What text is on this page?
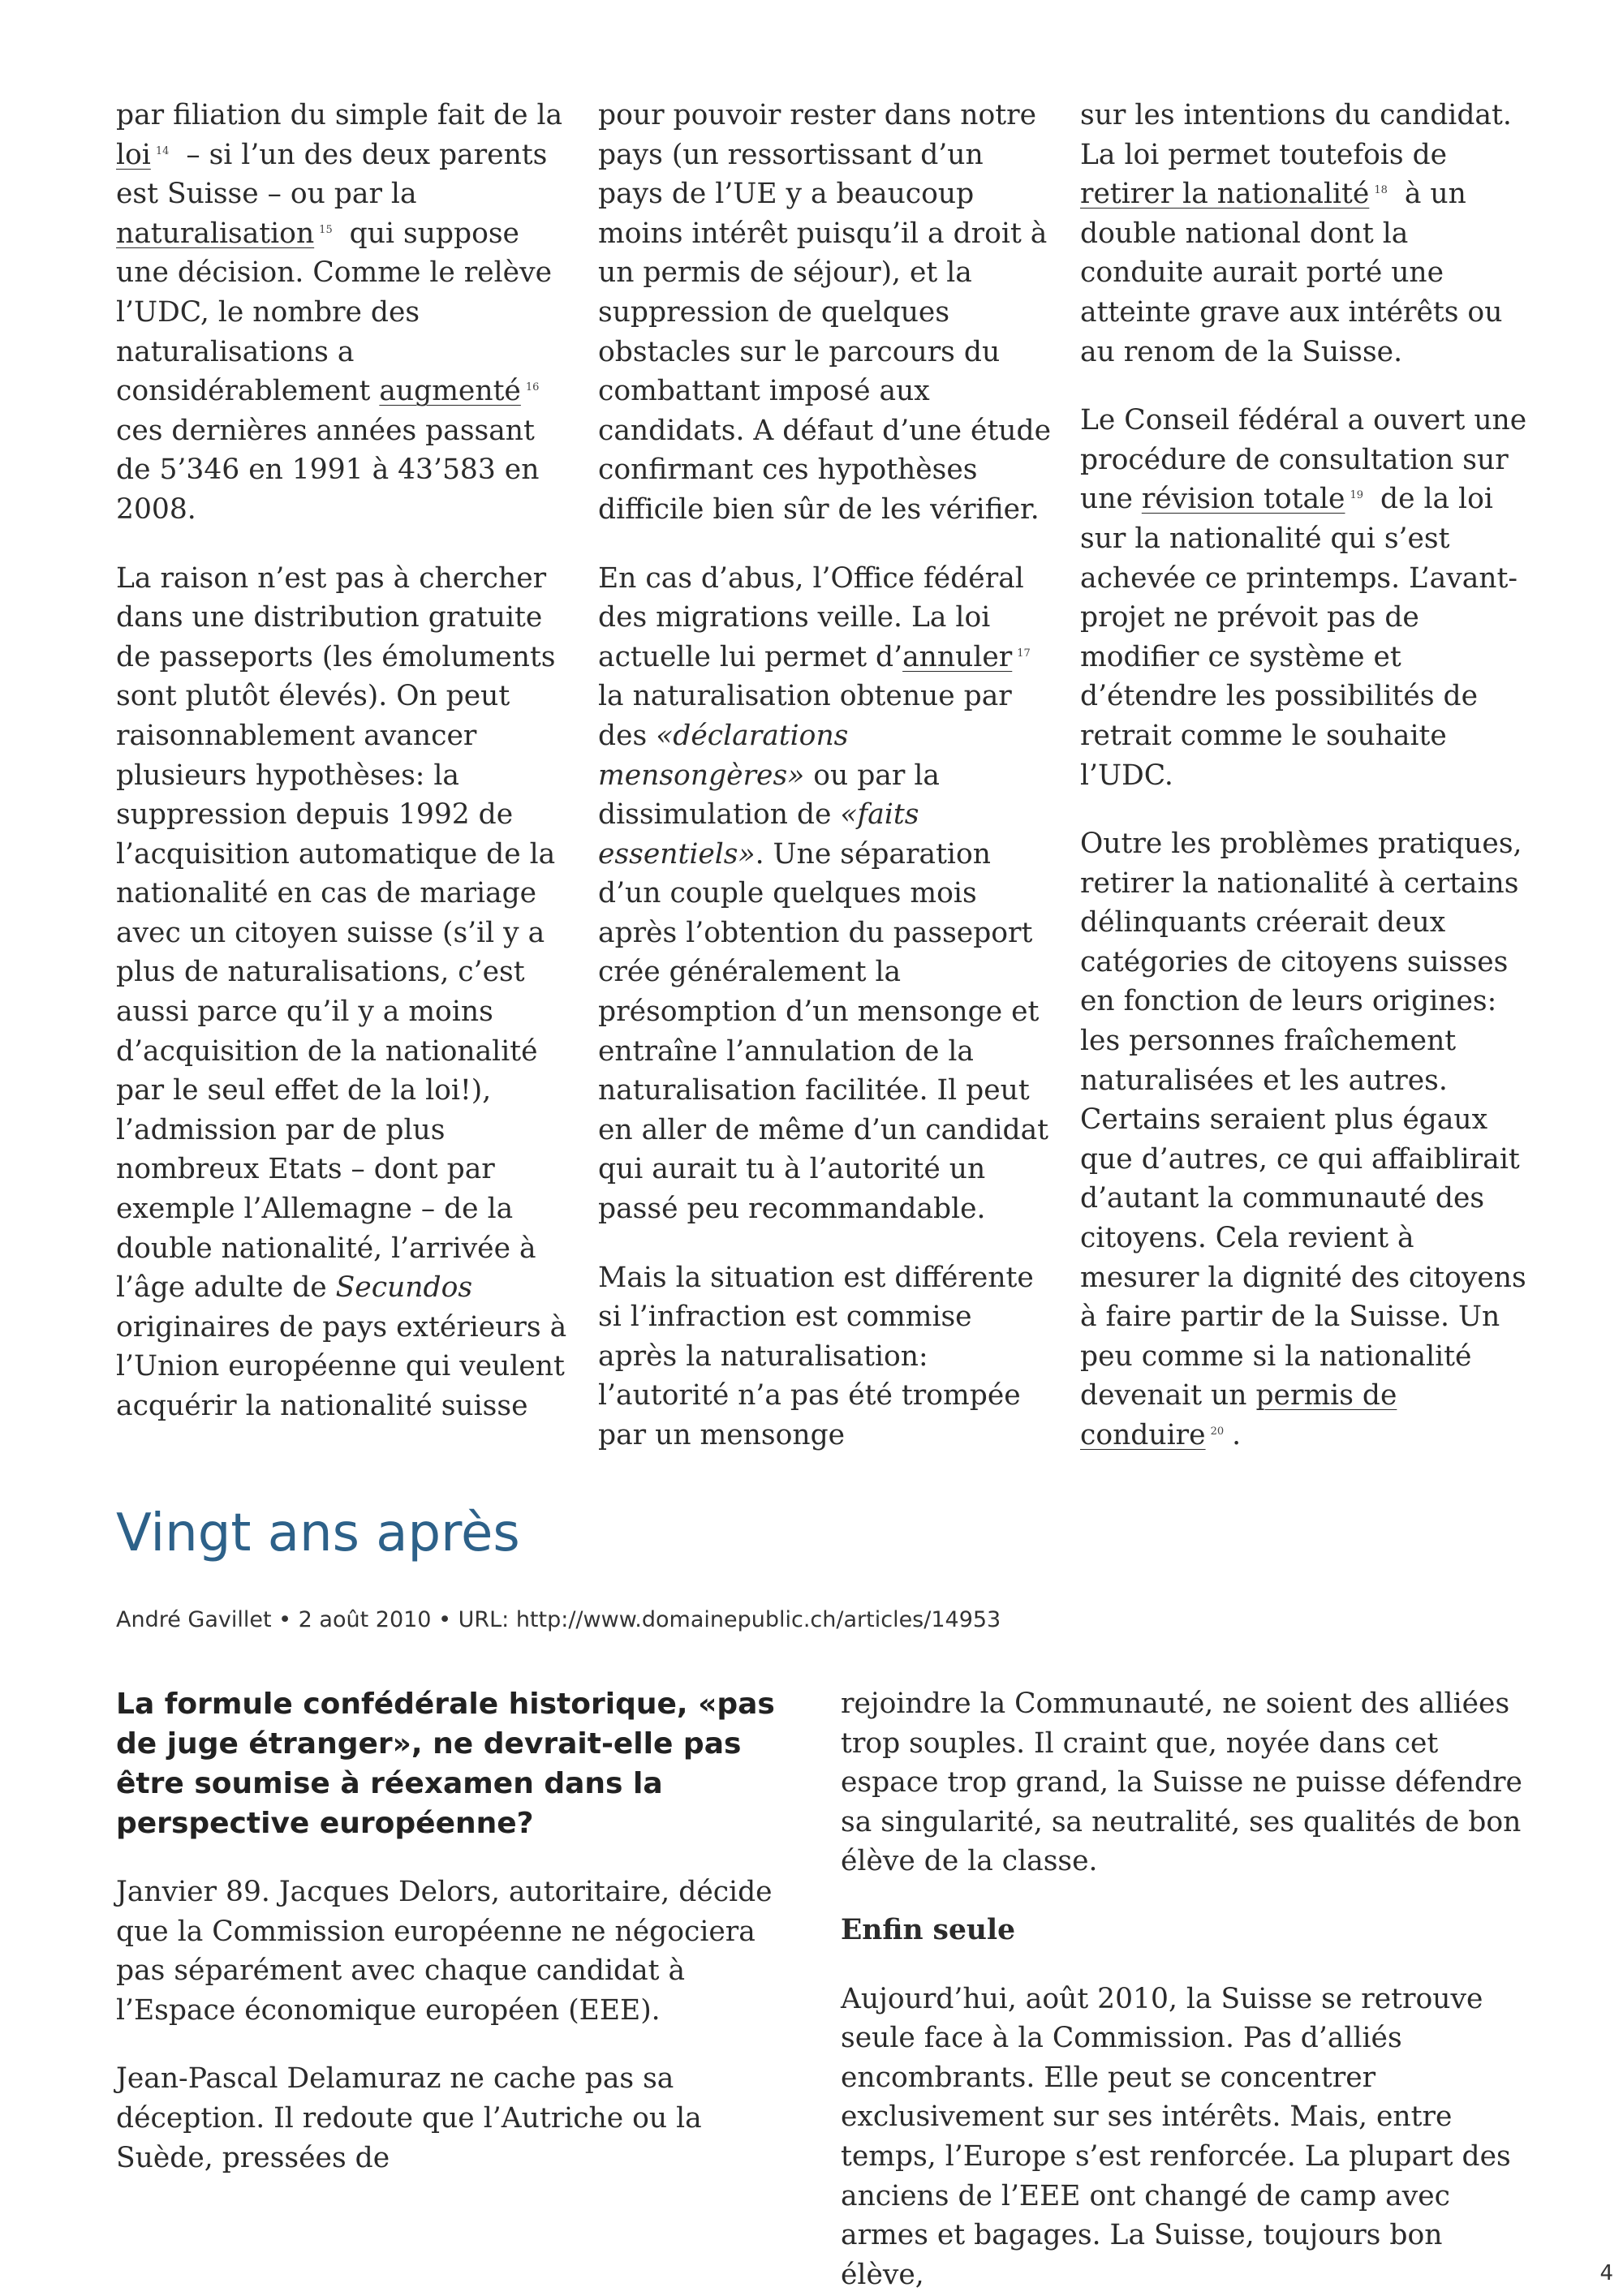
par filiation du simple fait de la loi $^{14}$ – si l’un des deux parents est Suisse – ou par la naturalisation $^{15}$ qui suppose une décision. Comme le relève l’UDC, le nombre des naturalisations a considérablement augmenté $^{16}$ ces dernières années passant de 5’346 en 1991 à 43’583 en 2008.

La raison n’est pas à chercher dans une distribution gratuite de passeports (les émoluments sont plutôt élevés). On peut raisonnablement avancer plusieurs hypothèses: la suppression depuis 1992 de l’acquisition automatique de la nationalité en cas de mariage avec un citoyen suisse (s’il y a plus de naturalisations, c’est aussi parce qu’il y a moins d’acquisition de la nationalité par le seul effet de la loi!), l’admission par de plus nombreux Etats – dont par exemple l’Allemagne – de la double nationalité, l’arrivée à l’âge adulte de Secundos originaires de pays extérieurs à l’Union européenne qui veulent acquérir la nationalité suisse

pour pouvoir rester dans notre pays (un ressortissant d’un pays de l’UE y a beaucoup moins intérêt puisqu’il a droit à un permis de séjour), et la suppression de quelques obstacles sur le parcours du combattant imposé aux candidats. A défaut d’une étude confirmant ces hypothèses difficile bien sûr de les vérifier.

En cas d’abus, l’Office fédéral des migrations veille. La loi actuelle lui permet d’annuler $^{17}$ la naturalisation obtenue par des «déclarations mensongères» ou par la dissimulation de «faits essentiels». Une séparation d’un couple quelques mois après l’obtention du passeport crée généralement la présomption d’un mensonge et entraîne l’annulation de la naturalisation facilitée. Il peut en aller de même d’un candidat qui aurait tu à l’autorité un passé peu recommandable.

Mais la situation est différente si l’infraction est commise après la naturalisation: l’autorité n’a pas été trompée par un mensonge

sur les intentions du candidat. La loi permet toutefois de retirer la nationalité $^{18}$ à un double national dont la conduite aurait porté une atteinte grave aux intérêts ou au renom de la Suisse.

Le Conseil fédéral a ouvert une procédure de consultation sur une révision totale $^{19}$ de la loi sur la nationalité qui s’est achevée ce printemps. L’avant-projet ne prévoit pas de modifier ce système et d’étendre les possibilités de retrait comme le souhaite l’UDC.

Outre les problèmes pratiques, retirer la nationalité à certains délinquants créerait deux catégories de citoyens suisses en fonction de leurs origines: les personnes fraîchement naturalisées et les autres. Certains seraient plus égaux que d’autres, ce qui affaiblirait d’autant la communauté des citoyens. Cela revient à mesurer la dignité des citoyens à faire partir de la Suisse. Un peu comme si la nationalité devenait un permis de conduire $^{20}$ .

Vingt ans après
André Gavillet • 2 août 2010 • URL: http://www.domainepublic.ch/articles/14953

La formule confédérale historique, «pas de juge étranger», ne devrait-elle pas être soumise à réexamen dans la perspective européenne?

Janvier 89. Jacques Delors, autoritaire, décide que la Commission européenne ne négociera pas séparément avec chaque candidat à l’Espace économique européen (EEE).

Jean-Pascal Delamuraz ne cache pas sa déception. Il redoute que l’Autriche ou la Suède, pressées de

rejoindre la Communauté, ne soient des alliées trop souples. Il craint que, noyée dans cet espace trop grand, la Suisse ne puisse défendre sa singularité, sa neutralité, ses qualités de bon élève de la classe.

Enfin seule

Aujourd’hui, août 2010, la Suisse se retrouve seule face à la Commission. Pas d’alliés encombrants. Elle peut se concentrer exclusivement sur ses intérêts. Mais, entre temps, l’Europe s’est renforcée. La plupart des anciens de l’EEE ont changé de camp avec armes et bagages. La Suisse, toujours bon élève,	4
